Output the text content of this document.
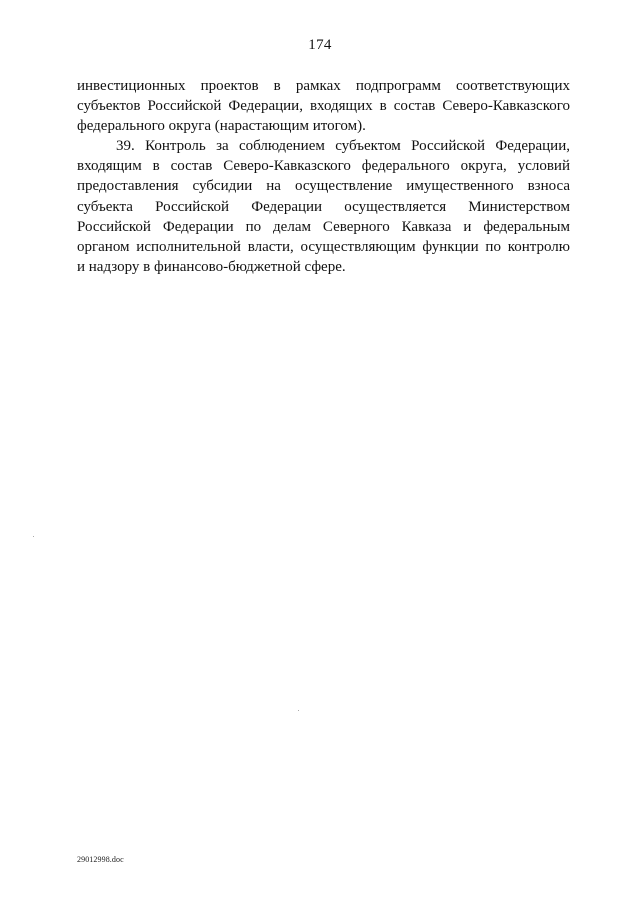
174
инвестиционных проектов в рамках подпрограмм соответствующих
субъектов Российской Федерации, входящих в состав Северо-Кавказского
федерального округа (нарастающим итогом).
39. Контроль за соблюдением субъектом Российской Федерации,
входящим в состав Северо-Кавказского федерального округа, условий
предоставления субсидии на осуществление имущественного взноса
субъекта Российской Федерации осуществляется Министерством
Российской Федерации по делам Северного Кавказа и федеральным
органом исполнительной власти, осуществляющим функции по контролю
и надзору в финансово-бюджетной сфере.
29012998.doc
